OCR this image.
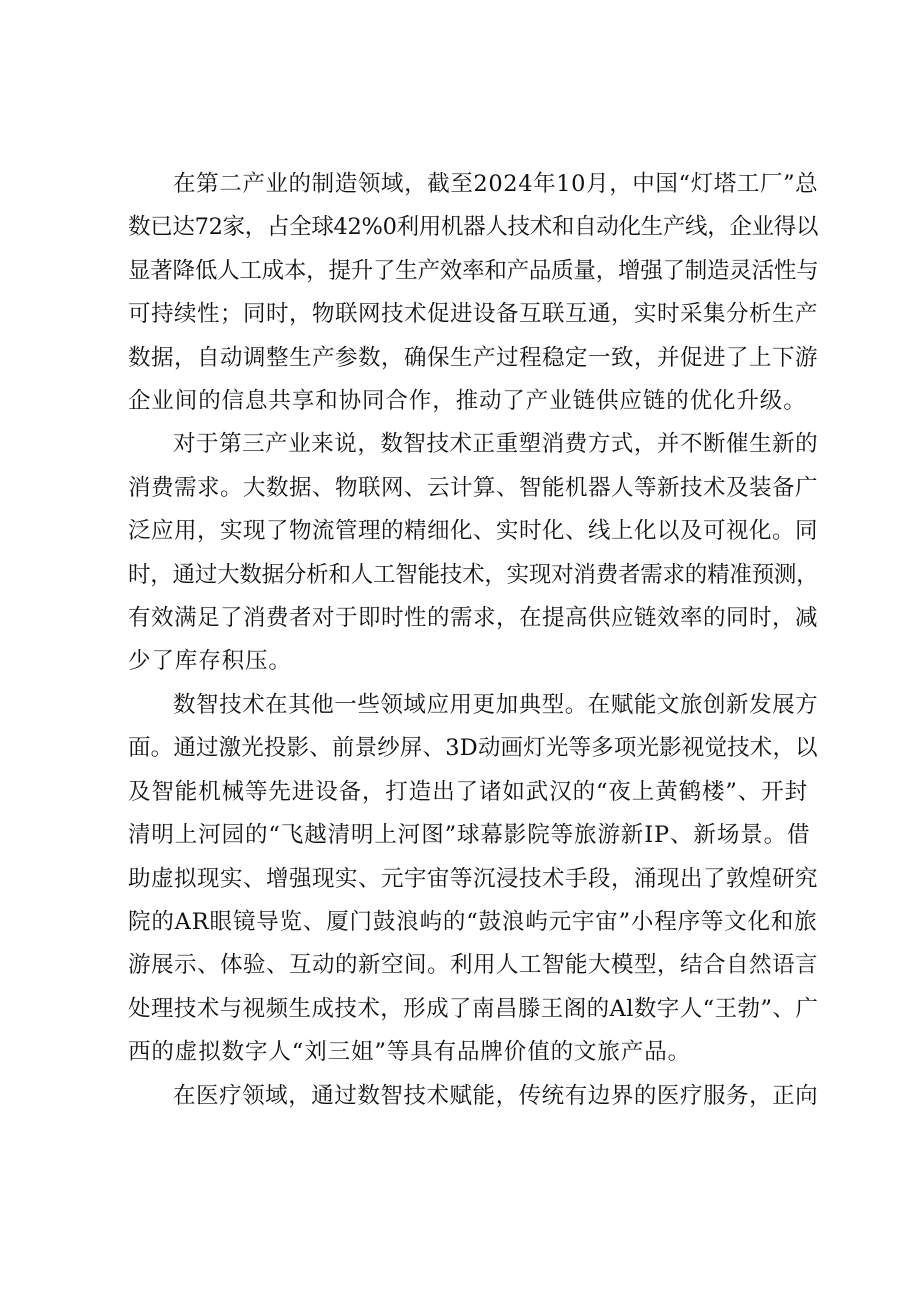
在第二产业的制造领域，截至2024年10月，中国“灯塔工厂”总
数已达72家，占全球42%0利用机器人技术和自动化生产线，企业得以
显著降低人工成本，提升了生产效率和产品质量，增强了制造灵活性与
可持续性；同时，物联网技术促进设备互联互通，实时采集分析生产
数据，自动调整生产参数，确保生产过程稳定一致，并促进了上下游
企业间的信息共享和协同合作，推动了产业链供应链的优化升级。

对于第三产业来说，数智技术正重塑消费方式，并不断催生新的
消费需求。大数据、物联网、云计算、智能机器人等新技术及装备广
泛应用，实现了物流管理的精细化、实时化、线上化以及可视化。同
时，通过大数据分析和人工智能技术，实现对消费者需求的精准预测，
有效满足了消费者对于即时性的需求，在提高供应链效率的同时，减
少了库存积压。

数智技术在其他一些领域应用更加典型。在赋能文旅创新发展方
面。通过激光投影、前景纱屏、3D动画灯光等多项光影视觉技术，以
及智能机械等先进设备，打造出了诸如武汉的“夜上黄鹤楼”、开封
清明上河园的“飞越清明上河图”球幕影院等旅游新IP、新场景。借
助虚拟现实、增强现实、元宇宙等沉浸技术手段，涌现出了敦煌研究
院的AR眼镜导览、厦门鼓浪屿的“鼓浪屿元宇宙”小程序等文化和旅
游展示、体验、互动的新空间。利用人工智能大模型，结合自然语言
处理技术与视频生成技术，形成了南昌滕王阁的Al数字人“王勃”、广
西的虚拟数字人“刘三姐”等具有品牌价值的文旅产品。

在医疗领域，通过数智技术赋能，传统有边界的医疗服务，正向
